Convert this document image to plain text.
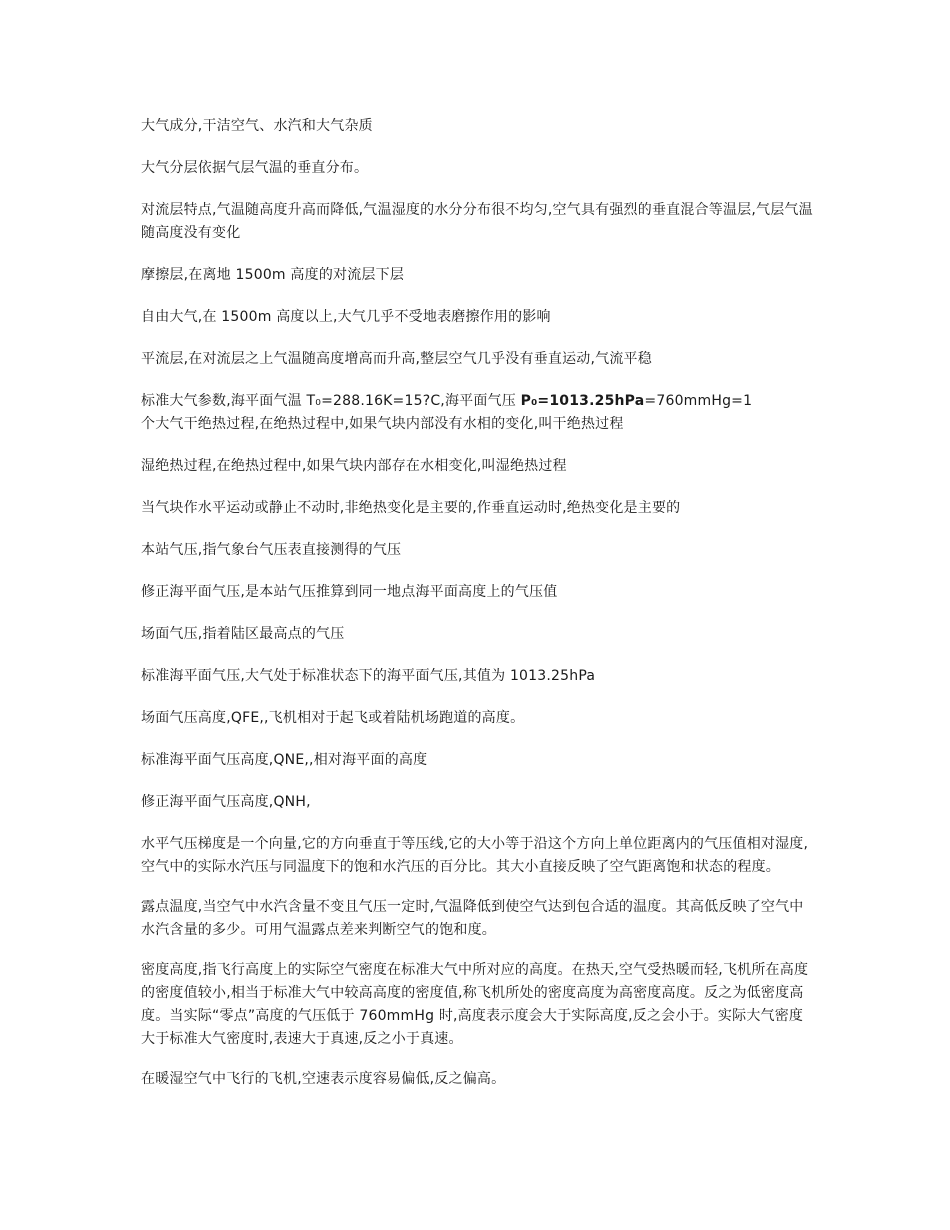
大气成分,干洁空气、水汽和大气杂质

大气分层依据气层气温的垂直分布。

对流层特点,气温随高度升高而降低,气温湿度的水分分布很不均匀,空气具有强烈的垂直混合等温层,气层气温随高度没有变化

摩擦层,在离地 1500m 高度的对流层下层

自由大气,在 1500m 高度以上,大气几乎不受地表磨擦作用的影响

平流层,在对流层之上气温随高度增高而升高,整层空气几乎没有垂直运动,气流平稳

标准大气参数,海平面气温 T₀=288.16K=15?C,海平面气压 P₀=1013.25hPa=760mmHg=1
个大气干绝热过程,在绝热过程中,如果气块内部没有水相的变化,叫干绝热过程

湿绝热过程,在绝热过程中,如果气块内部存在水相变化,叫湿绝热过程

当气块作水平运动或静止不动时,非绝热变化是主要的,作垂直运动时,绝热变化是主要的

本站气压,指气象台气压表直接测得的气压

修正海平面气压,是本站气压推算到同一地点海平面高度上的气压值

场面气压,指着陆区最高点的气压

标准海平面气压,大气处于标准状态下的海平面气压,其值为 1013.25hPa

场面气压高度,QFE,,飞机相对于起飞或着陆机场跑道的高度。

标准海平面气压高度,QNE,,相对海平面的高度

修正海平面气压高度,QNH,

水平气压梯度是一个向量,它的方向垂直于等压线,它的大小等于沿这个方向上单位距离内的气压值相对湿度,空气中的实际水汽压与同温度下的饱和水汽压的百分比。其大小直接反映了空气距离饱和状态的程度。

露点温度,当空气中水汽含量不变且气压一定时,气温降低到使空气达到包合适的温度。其高低反映了空气中水汽含量的多少。可用气温露点差来判断空气的饱和度。

密度高度,指飞行高度上的实际空气密度在标准大气中所对应的高度。在热天,空气受热暖而轻,飞机所在高度的密度值较小,相当于标准大气中较高高度的密度值,称飞机所处的密度高度为高密度高度。反之为低密度高度。当实际“零点”高度的气压低于 760mmHg 时,高度表示度会大于实际高度,反之会小于。实际大气密度大于标准大气密度时,表速大于真速,反之小于真速。

在暖湿空气中飞行的飞机,空速表示度容易偏低,反之偏高。
